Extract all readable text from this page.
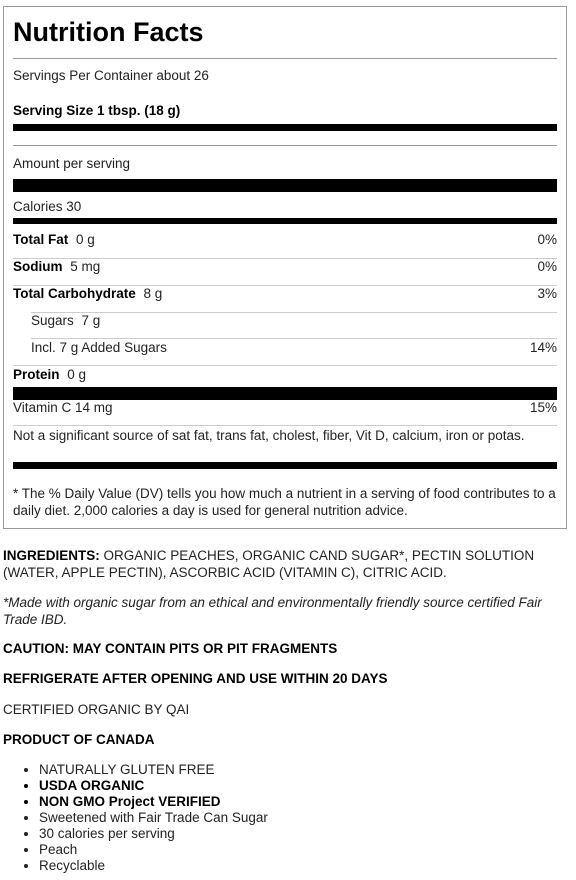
Nutrition Facts
Servings Per Container about 26
Serving Size 1 tbsp. (18 g)
Amount per serving
Calories 30
Total Fat 0 g	0%
Sodium 5 mg	0%
Total Carbohydrate 8 g	3%
Sugars 7 g
Incl. 7 g Added Sugars	14%
Protein 0 g
Vitamin C 14 mg	15%
Not a significant source of sat fat, trans fat, cholest, fiber, Vit D, calcium, iron or potas.
* The % Daily Value (DV) tells you how much a nutrient in a serving of food contributes to a daily diet. 2,000 calories a day is used for general nutrition advice.
INGREDIENTS: ORGANIC PEACHES, ORGANIC CAND SUGAR*, PECTIN SOLUTION (WATER, APPLE PECTIN), ASCORBIC ACID (VITAMIN C), CITRIC ACID.
*Made with organic sugar from an ethical and environmentally friendly source certified Fair Trade IBD.
CAUTION: MAY CONTAIN PITS OR PIT FRAGMENTS
REFRIGERATE AFTER OPENING AND USE WITHIN 20 DAYS
CERTIFIED ORGANIC BY QAI
PRODUCT OF CANADA
• NATURALLY GLUTEN FREE
• USDA ORGANIC
• NON GMO Project VERIFIED
• Sweetened with Fair Trade Can Sugar
• 30 calories per serving
• Peach
• Recyclable
